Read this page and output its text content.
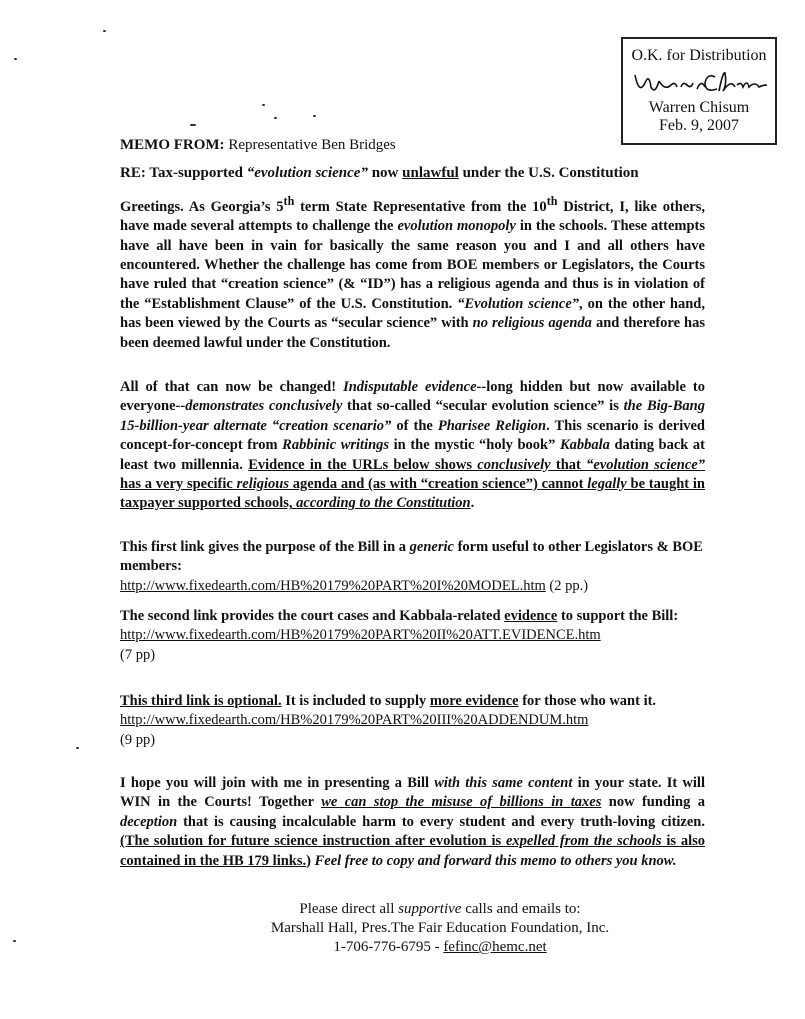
O.K. for Distribution
Warren Chisum
Feb. 9, 2007
MEMO FROM: Representative Ben Bridges
RE: Tax-supported “evolution science” now unlawful under the U.S. Constitution
Greetings. As Georgia’s 5th term State Representative from the 10th District, I, like others, have made several attempts to challenge the evolution monopoly in the schools. These attempts have all have been in vain for basically the same reason you and I and all others have encountered. Whether the challenge has come from BOE members or Legislators, the Courts have ruled that “creation science” (& “ID”) has a religious agenda and thus is in violation of the “Establishment Clause” of the U.S. Constitution. “Evolution science”, on the other hand, has been viewed by the Courts as “secular science” with no religious agenda and therefore has been deemed lawful under the Constitution.
All of that can now be changed! Indisputable evidence--long hidden but now available to everyone--demonstrates conclusively that so-called “secular evolution science” is the Big-Bang 15-billion-year alternate “creation scenario” of the Pharisee Religion. This scenario is derived concept-for-concept from Rabbinic writings in the mystic “holy book” Kabbala dating back at least two millennia. Evidence in the URLs below shows conclusively that “evolution science” has a very specific religious agenda and (as with “creation science”) cannot legally be taught in taxpayer supported schools, according to the Constitution.
This first link gives the purpose of the Bill in a generic form useful to other Legislators & BOE members:
http://www.fixedearth.com/HB%20179%20PART%20I%20MODEL.htm (2 pp.)
The second link provides the court cases and Kabbala-related evidence to support the Bill:
http://www.fixedearth.com/HB%20179%20PART%20II%20ATT.EVIDENCE.htm
(7 pp)
This third link is optional. It is included to supply more evidence for those who want it.
http://www.fixedearth.com/HB%20179%20PART%20III%20ADDENDUM.htm
(9 pp)
I hope you will join with me in presenting a Bill with this same content in your state. It will WIN in the Courts! Together we can stop the misuse of billions in taxes now funding a deception that is causing incalculable harm to every student and every truth-loving citizen. (The solution for future science instruction after evolution is expelled from the schools is also contained in the HB 179 links.) Feel free to copy and forward this memo to others you know.
Please direct all supportive calls and emails to:
Marshall Hall, Pres.The Fair Education Foundation, Inc.
1-706-776-6795 - fefinc@hemc.net
